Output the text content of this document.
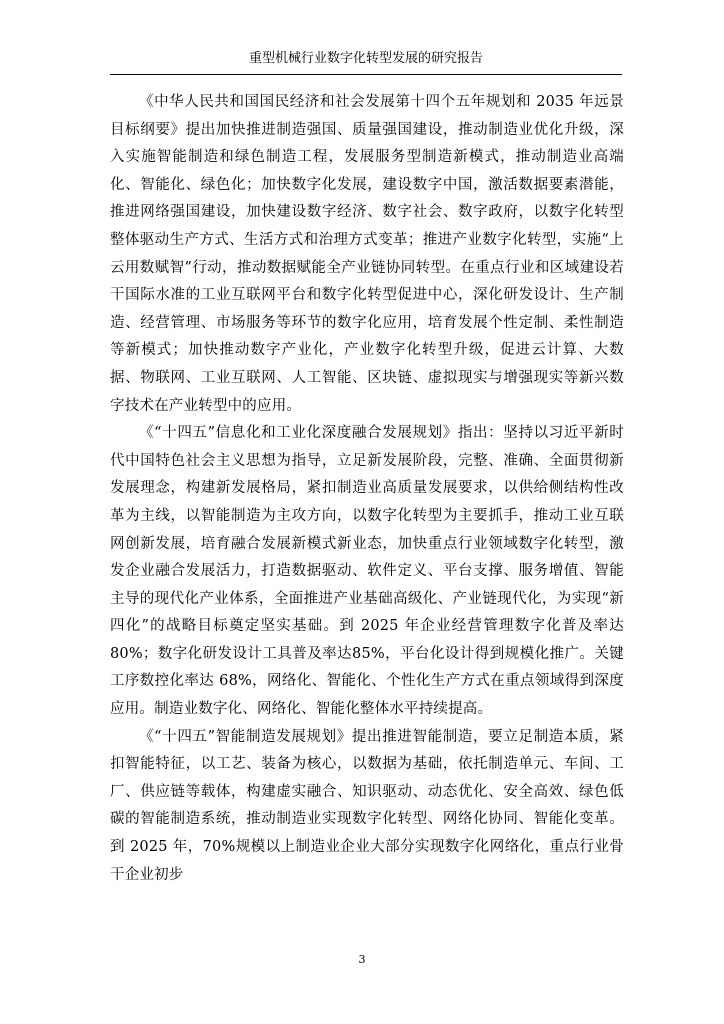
重型机械行业数字化转型发展的研究报告

《中华人民共和国国民经济和社会发展第十四个五年规划和 2035 年远景目标纲要》提出加快推进制造强国、质量强国建设，推动制造业优化升级，深入实施智能制造和绿色制造工程，发展服务型制造新模式，推动制造业高端化、智能化、绿色化；加快数字化发展，建设数字中国，激活数据要素潜能，推进网络强国建设，加快建设数字经济、数字社会、数字政府，以数字化转型整体驱动生产方式、生活方式和治理方式变革；推进产业数字化转型，实施“上云用数赋智”行动，推动数据赋能全产业链协同转型。在重点行业和区域建设若干国际水准的工业互联网平台和数字化转型促进中心，深化研发设计、生产制造、经营管理、市场服务等环节的数字化应用，培育发展个性定制、柔性制造等新模式；加快推动数字产业化，产业数字化转型升级，促进云计算、大数据、物联网、工业互联网、人工智能、区块链、虚拟现实与增强现实等新兴数字技术在产业转型中的应用。

《“十四五”信息化和工业化深度融合发展规划》指出：坚持以习近平新时代中国特色社会主义思想为指导，立足新发展阶段，完整、准确、全面贯彻新发展理念，构建新发展格局，紧扣制造业高质量发展要求，以供给侧结构性改革为主线，以智能制造为主攻方向，以数字化转型为主要抓手，推动工业互联网创新发展，培育融合发展新模式新业态，加快重点行业领域数字化转型，激发企业融合发展活力，打造数据驱动、软件定义、平台支撑、服务增值、智能主导的现代化产业体系，全面推进产业基础高级化、产业链现代化，为实现“新四化”的战略目标奠定坚实基础。到 2025 年企业经营管理数字化普及率达 80%；数字化研发设计工具普及率达85%，平台化设计得到规模化推广。关键工序数控化率达 68%，网络化、智能化、个性化生产方式在重点领域得到深度应用。制造业数字化、网络化、智能化整体水平持续提高。

《“十四五”智能制造发展规划》提出推进智能制造，要立足制造本质，紧扣智能特征，以工艺、装备为核心，以数据为基础，依托制造单元、车间、工厂、供应链等载体，构建虚实融合、知识驱动、动态优化、安全高效、绿色低碳的智能制造系统，推动制造业实现数字化转型、网络化协同、智能化变革。到 2025 年，70%规模以上制造业企业大部分实现数字化网络化，重点行业骨干企业初步

3
